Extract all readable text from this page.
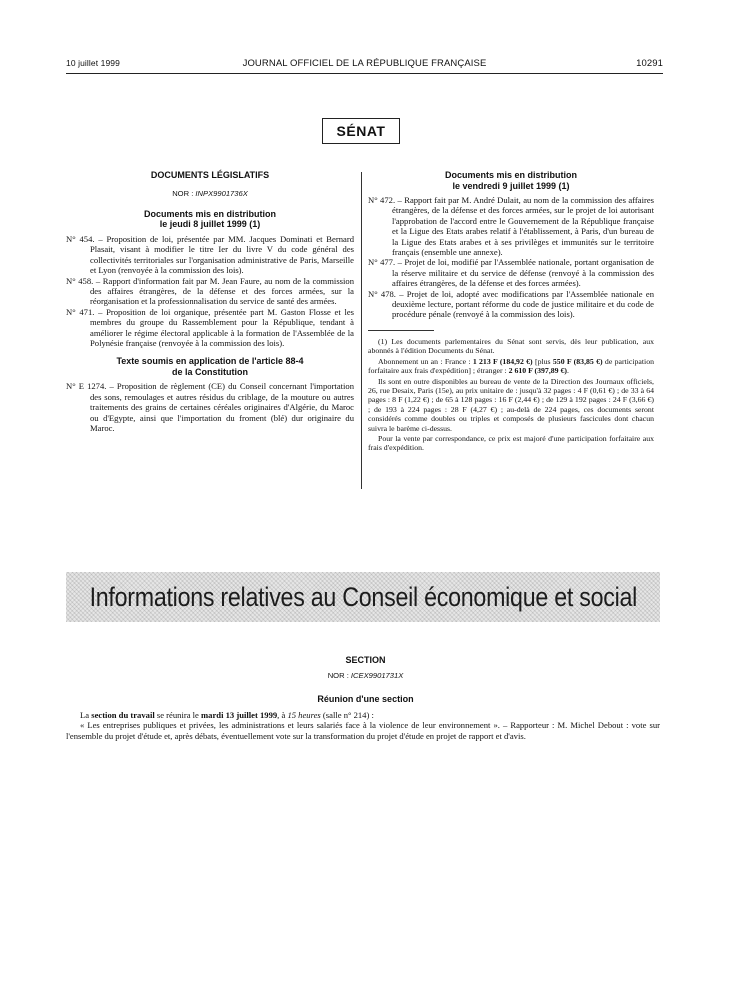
10 juillet 1999	JOURNAL OFFICIEL DE LA RÉPUBLIQUE FRANÇAISE	10291
SÉNAT
DOCUMENTS LÉGISLATIFS
NOR : INPX9901736X
Documents mis en distribution
le jeudi 8 juillet 1999 (1)

N° 454. – Proposition de loi, présentée par MM. Jacques Dominati et Bernard Plasait, visant à modifier le titre Ier du livre V du code général des collectivités territoriales sur l'organisation administrative de Paris, Marseille et Lyon (renvoyée à la commission des lois).

N° 458. – Rapport d'information fait par M. Jean Faure, au nom de la commission des affaires étrangères, de la défense et des forces armées, sur la réorganisation et la professionnalisation du service de santé des armées.

N° 471. – Proposition de loi organique, présentée part M. Gaston Flosse et les membres du groupe du Rassemblement pour la République, tendant à améliorer le régime électoral applicable à la formation de l'Assemblée de la Polynésie française (renvoyée à la commission des lois).

Texte soumis en application de l'article 88-4
de la Constitution

N° E 1274. – Proposition de règlement (CE) du Conseil concernant l'importation des sons, remoulages et autres résidus du criblage, de la mouture ou autres traitements des grains de certaines céréales originaires d'Algérie, du Maroc ou d'Egypte, ainsi que l'importation du froment (blé) dur originaire du Maroc.

Documents mis en distribution
le vendredi 9 juillet 1999 (1)

N° 472. – Rapport fait par M. André Dulait, au nom de la commission des affaires étrangères, de la défense et des forces armées, sur le projet de loi autorisant l'approbation de l'accord entre le Gouvernement de la République française et la Ligue des Etats arabes relatif à l'établissement, à Paris, d'un bureau de la Ligue des Etats arabes et à ses privilèges et immunités sur le territoire français (ensemble une annexe).

N° 477. – Projet de loi, modifié par l'Assemblée nationale, portant organisation de la réserve militaire et du service de défense (renvoyé à la commission des affaires étrangères, de la défense et des forces armées).

N° 478. – Projet de loi, adopté avec modifications par l'Assemblée nationale en deuxième lecture, portant réforme du code de justice militaire et du code de procédure pénale (renvoyé à la commission des lois).

(1) Les documents parlementaires du Sénat sont servis, dès leur publication, aux abonnés à l'édition Documents du Sénat.

Abonnement un an : France : 1 213 F (184,92 €) [plus 550 F (83,85 €) de participation forfaitaire aux frais d'expédition] ; étranger : 2 610 F (397,89 €).

Ils sont en outre disponibles au bureau de vente de la Direction des Journaux officiels, 26, rue Desaix, Paris (15e), au prix unitaire de : jusqu'à 32 pages : 4 F (0,61 €) ; de 33 à 64 pages : 8 F (1,22 €) ; de 65 à 128 pages : 16 F (2,44 €) ; de 129 à 192 pages : 24 F (3,66 €) ; de 193 à 224 pages : 28 F (4,27 €) ; au-delà de 224 pages, ces documents seront considérés comme doubles ou triples et composés de plusieurs fascicules dont chacun suivra le barème ci-dessus.

Pour la vente par correspondance, ce prix est majoré d'une participation forfaitaire aux frais d'expédition.

Informations relatives au Conseil économique et social
SECTION
NOR : ICEX9901731X
Réunion d'une section

La section du travail se réunira le mardi 13 juillet 1999, à 15 heures (salle n° 214) :

« Les entreprises publiques et privées, les administrations et leurs salariés face à la violence de leur environnement ». – Rapporteur : M. Michel Debout : vote sur l'ensemble du projet d'étude et, après débats, éventuellement vote sur la transformation du projet d'étude en projet de rapport et d'avis.
